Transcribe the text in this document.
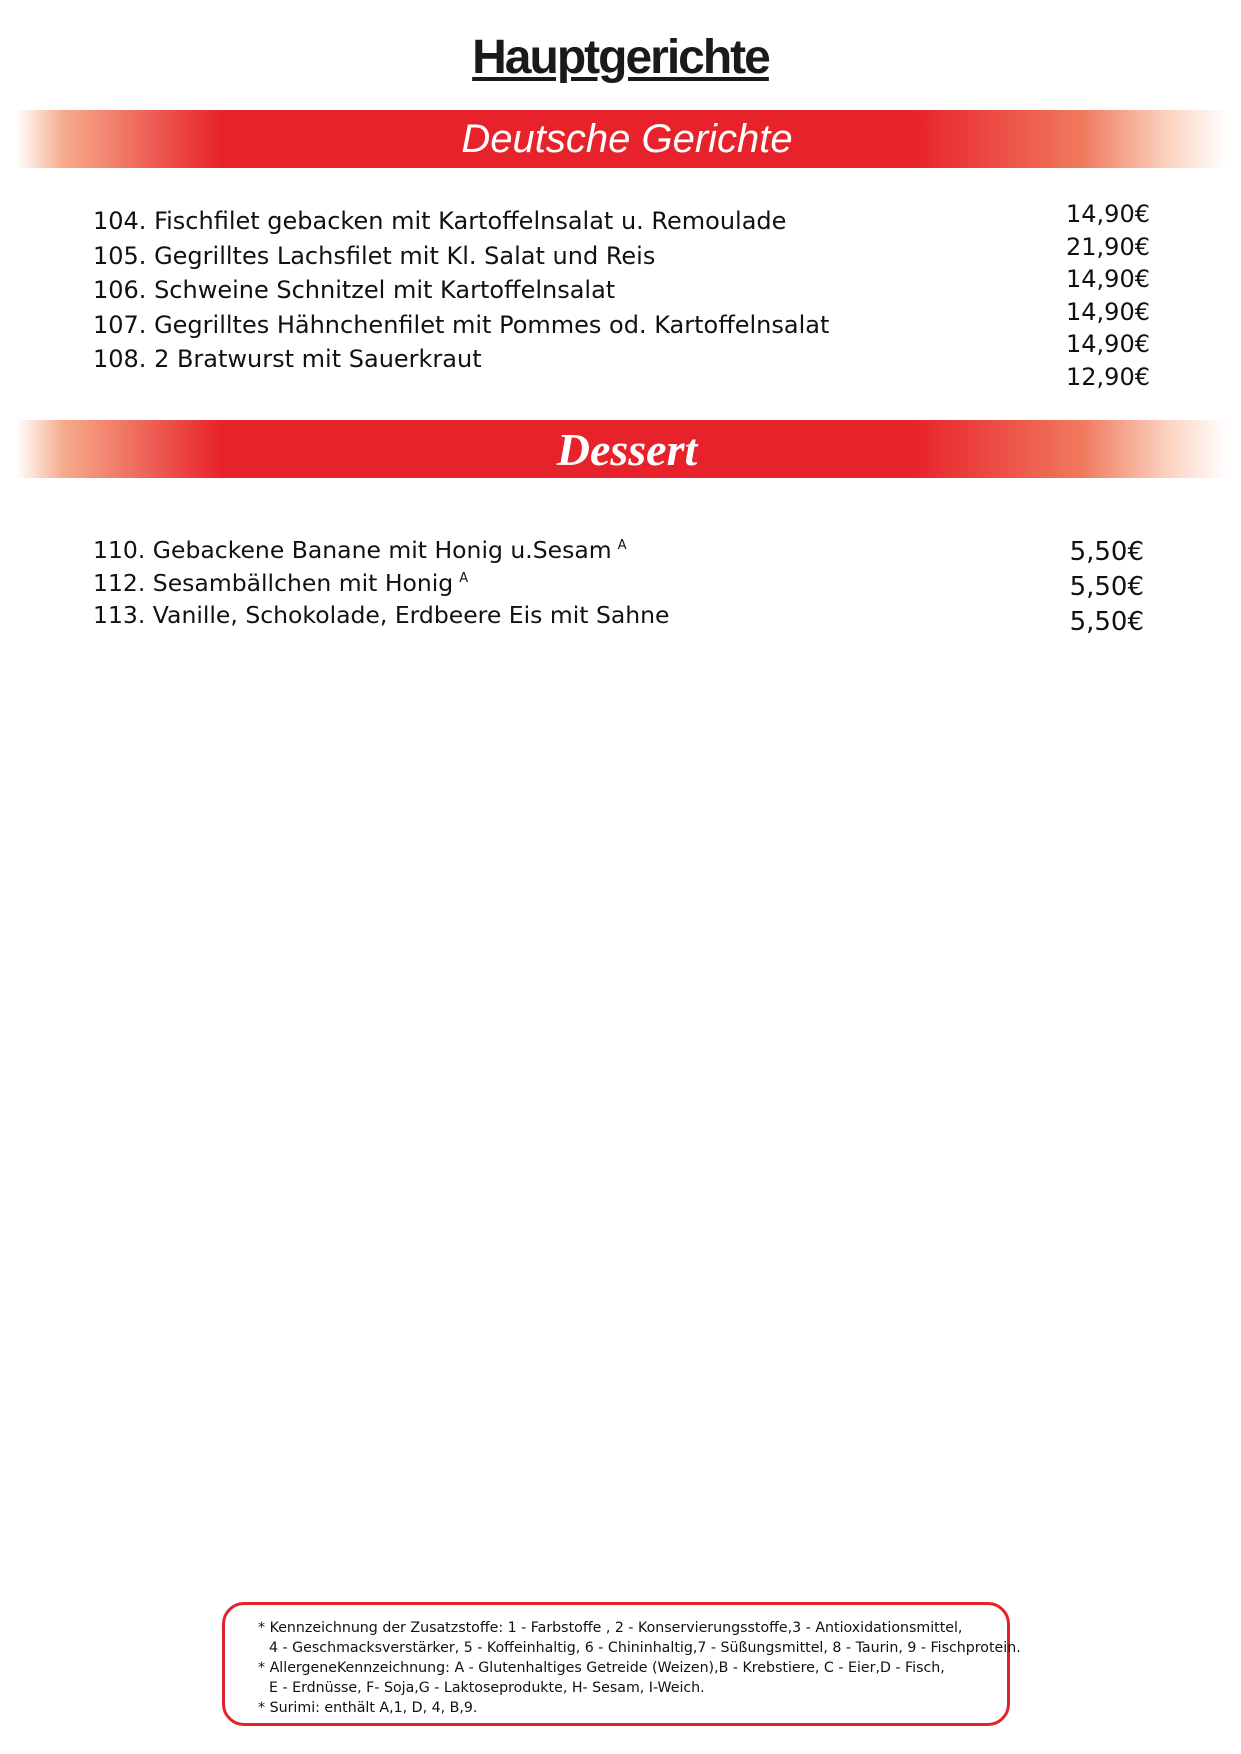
Hauptgerichte
Deutsche Gerichte
104. Fischfilet gebacken mit Kartoffelnsalat u. Remoulade
105. Gegrilltes Lachsfilet mit Kl. Salat und Reis
106. Schweine Schnitzel mit Kartoffelnsalat
107. Gegrilltes Hähnchenfilet mit Pommes od. Kartoffelnsalat
108. 2 Bratwurst mit Sauerkraut
14,90€
21,90€
14,90€
14,90€
14,90€
12,90€
Dessert
110. Gebackene Banane mit Honig u.Sesam $^A$
112. Sesambällchen mit Honig $^A$
113. Vanille, Schokolade, Erdbeere Eis mit Sahne
5,50€
5,50€
5,50€
* Kennzeichnung der Zusatzstoffe: 1 - Farbstoffe , 2 - Konservierungsstoffe,3 - Antioxidationsmittel,
4 - Geschmacksverstärker, 5 - Koffeinhaltig, 6 - Chininhaltig,7 - Süßungsmittel, 8 - Taurin, 9 - Fischprotein.
* AllergeneKennzeichnung: A - Glutenhaltiges Getreide (Weizen),B - Krebstiere, C - Eier,D - Fisch,
E - Erdnüsse, F- Soja,G - Laktoseprodukte, H- Sesam, I-Weich.
* Surimi: enthält A,1, D, 4, B,9.
